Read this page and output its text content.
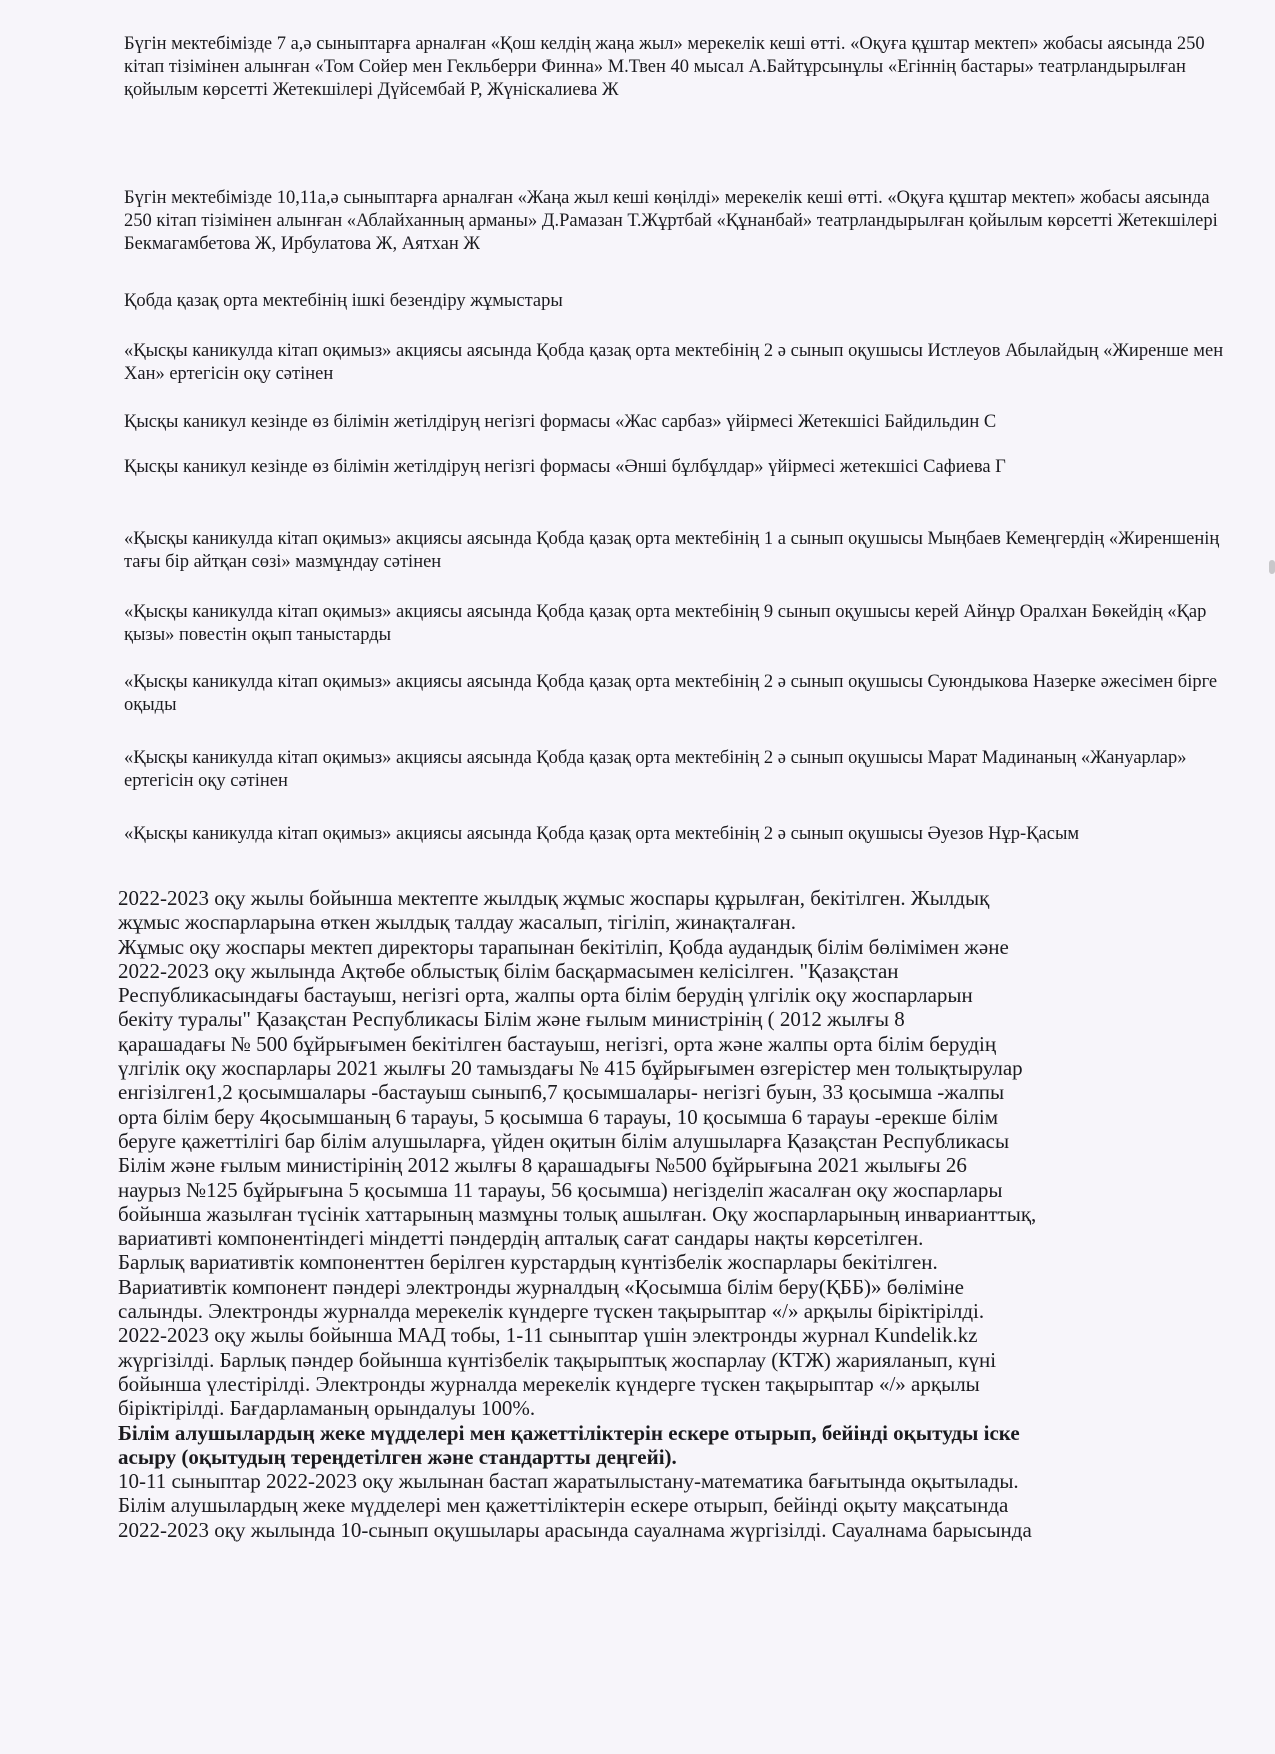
Бүгін мектебімізде 7 а,ә сыныптарға арналған «Қош келдің жаңа жыл» мерекелік кеші өтті. «Оқуға құштар мектеп» жобасы аясында 250 кітап тізімінен алынған «Том Сойер мен Гекльберри Финна» М.Твен 40 мысал А.Байтұрсынұлы «Егіннің бастары» театрландырылған қойылым көрсетті Жетекшілері Дүйсембай Р, Жүніскалиева Ж

Бүгін мектебімізде 10,11а,ә сыныптарға арналған «Жаңа жыл кеші көңілді» мерекелік кеші өтті. «Оқуға құштар мектеп» жобасы аясында 250 кітап тізімінен алынған «Аблайханның арманы» Д.Рамазан Т.Жұртбай «Құнанбай» театрландырылған қойылым көрсетті Жетекшілері Бекмагамбетова Ж, Ирбулатова Ж, Аятхан Ж

Қобда қазақ орта мектебінің ішкі безендіру жұмыстары

«Қысқы каникулда кітап оқимыз» акциясы аясында Қобда қазақ орта мектебінің 2 ә сынып оқушысы Истлеуов Абылайдың «Жиренше мен Хан» ертегісін оқу сәтінен

Қысқы каникул кезінде өз білімін жетілдіруң негізгі формасы «Жас сарбаз» үйірмесі Жетекшісі Байдильдин С

Қысқы каникул кезінде өз білімін жетілдіруң негізгі формасы «Әнші бұлбұлдар» үйірмесі жетекшісі Сафиева Г

«Қысқы каникулда кітап оқимыз» акциясы аясында Қобда қазақ орта мектебінің 1 а сынып оқушысы Мыңбаев Кемеңгердің «Жиреншенің тағы бір айтқан сөзі» мазмұндау сәтінен

«Қысқы каникулда кітап оқимыз» акциясы аясында Қобда қазақ орта мектебінің 9 сынып оқушысы керей Айнұр Оралхан Бөкейдің «Қар қызы» повестін оқып таныстарды

«Қысқы каникулда кітап оқимыз» акциясы аясында Қобда қазақ орта мектебінің 2 ә сынып оқушысы Суюндыкова Назерке әжесімен бірге оқыды

«Қысқы каникулда кітап оқимыз» акциясы аясында Қобда қазақ орта мектебінің 2 ә сынып оқушысы Марат Мадинаның «Жануарлар» ертегісін оқу сәтінен

«Қысқы каникулда кітап оқимыз» акциясы аясында Қобда қазақ орта мектебінің 2 ә сынып оқушысы Әуезов Нұр-Қасым

2022-2023 оқу жылы бойынша мектепте жылдық жұмыс жоспары құрылған, бекітілген. Жылдық
жұмыс жоспарларына өткен жылдық талдау жасалып, тігіліп, жинақталған.
Жұмыс оқу жоспары мектеп директоры тарапынан бекітіліп, Қобда аудандық білім бөлімімен және
2022-2023 оқу жылында Ақтөбе облыстық білім басқармасымен келісілген. "Қазақстан
Республикасындағы бастауыш, негізгі орта, жалпы орта білім берудің үлгілік оқу жоспарларын
бекіту туралы" Қазақстан Республикасы Білім және ғылым министрінің ( 2012 жылғы 8
қарашадағы № 500 бұйрығымен бекітілген бастауыш, негізгі, орта және жалпы орта білім берудің
үлгілік оқу жоспарлары 2021 жылғы 20 тамыздағы № 415 бұйрығымен өзгерістер мен толықтырулар
енгізілген1,2 қосымшалары -бастауыш сынып6,7 қосымшалары- негізгі буын, 33 қосымша -жалпы
орта білім беру 4қосымшаның 6 тарауы, 5 қосымша 6 тарауы, 10 қосымша 6 тарауы -ерекше білім
беруге қажеттілігі бар білім алушыларға, үйден оқитын білім алушыларға Қазақстан Республикасы
Білім және ғылым министірінің 2012 жылғы 8 қарашадығы №500 бұйрығына 2021 жылығы 26
наурыз №125 бұйрығына 5 қосымша 11 тарауы, 56 қосымша) негізделіп жасалған оқу жоспарлары
бойынша жазылған түсінік хаттарының мазмұны толық ашылған. Оқу жоспарларының инварианттық,
вариативті компонентіндегі міндетті пәндердің апталық сағат сандары нақты көрсетілген.
Барлық вариативтік компоненттен берілген курстардың күнтізбелік жоспарлары бекітілген.
Вариативтік компонент пәндері электронды журналдың «Қосымша білім беру(ҚББ)» бөліміне
салынды. Электронды журналда мерекелік күндерге түскен тақырыптар «/» арқылы біріктірілді.
2022-2023 оқу жылы бойынша МАД тобы, 1-11 сыныптар үшін электронды журнал Kundelik.kz
жүргізілді. Барлық пәндер бойынша күнтізбелік тақырыптық жоспарлау (КТЖ) жарияланып, күні
бойынша үлестірілді. Электронды журналда мерекелік күндерге түскен тақырыптар «/» арқылы
біріктірілді. Бағдарламаның орындалуы 100%.
Білім алушылардың жеке мүдделері мен қажеттіліктерін ескере отырып, бейінді оқытуды іске
асыру (оқытудың тереңдетілген және стандартты деңгейі).
10-11 сыныптар 2022-2023 оқу жылынан бастап жаратылыстану-математика бағытында оқытылады.
Білім алушылардың жеке мүдделері мен қажеттіліктерін ескере отырып, бейінді оқыту мақсатында
2022-2023 оқу жылында 10-сынып оқушылары арасында сауалнама жүргізілді. Сауалнама барысында
